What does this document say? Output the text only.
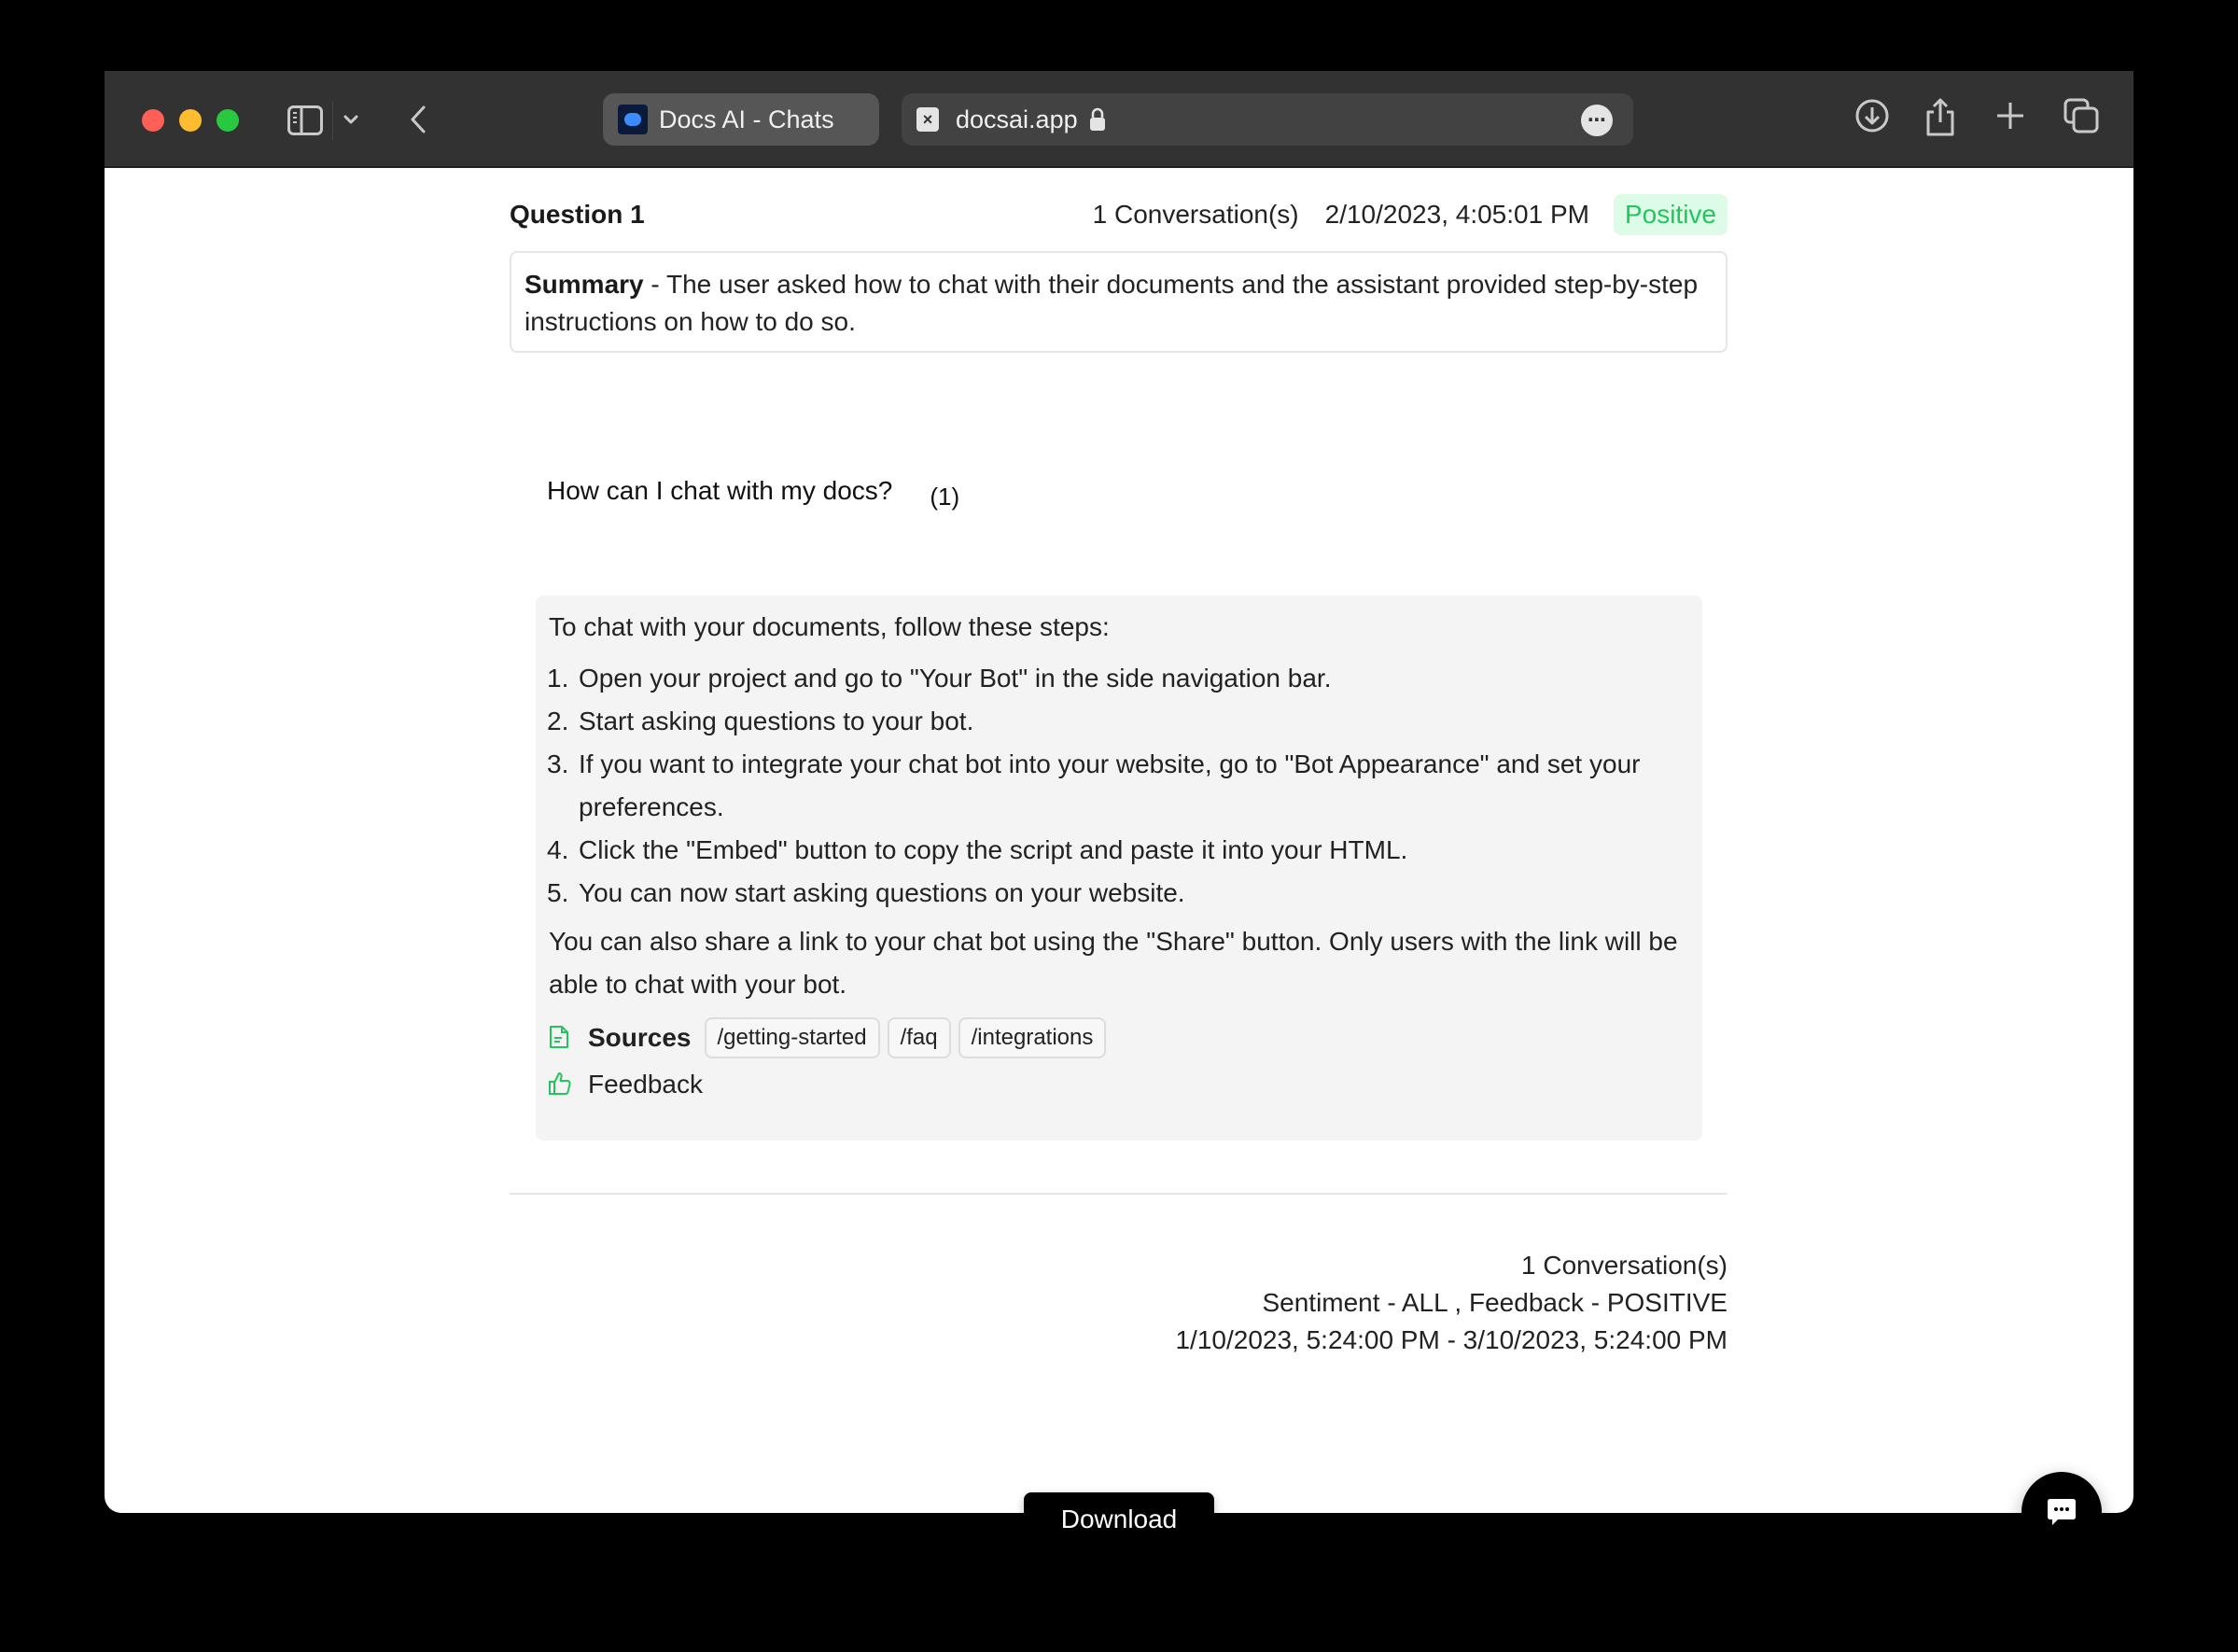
Docs AI - Chats	× docsai.app	⋯
Question 1	1 Conversation(s) 2/10/2023, 4:05:01 PM	Positive
Summary - The user asked how to chat with their documents and the assistant provided step-by-step instructions on how to do so.
How can I chat with my docs? (1)
To chat with your documents, follow these steps:
1. Open your project and go to "Your Bot" in the side navigation bar.
2. Start asking questions to your bot.
3. If you want to integrate your chat bot into your website, go to "Bot Appearance" and set your preferences.
4. Click the "Embed" button to copy the script and paste it into your HTML.
5. You can now start asking questions on your website.
You can also share a link to your chat bot using the "Share" button. Only users with the link will be able to chat with your bot.
Sources	/getting-started	/faq	/integrations
Feedback
1 Conversation(s)
Sentiment - ALL , Feedback - POSITIVE
1/10/2023, 5:24:00 PM - 3/10/2023, 5:24:00 PM
Download
